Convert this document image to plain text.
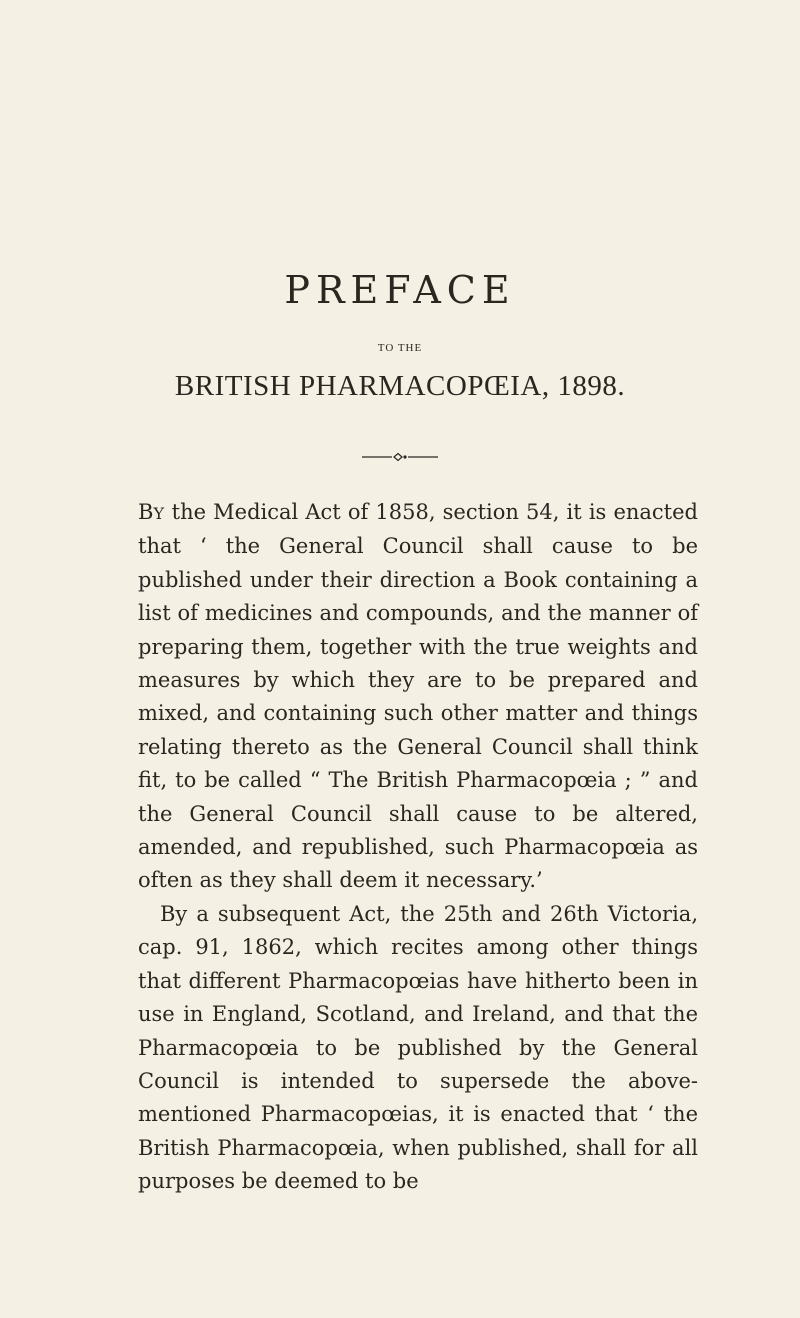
PREFACE
TO THE
BRITISH PHARMACOPŒIA, 1898.

BY the Medical Act of 1858, section 54, it is enacted that ‘ the General Council shall cause to be published under their direction a Book containing a list of medicines and compounds, and the manner of preparing them, together with the true weights and measures by which they are to be prepared and mixed, and containing such other matter and things relating thereto as the General Council shall think fit, to be called “ The British Pharmacopœia ; ” and the General Council shall cause to be altered, amended, and republished, such Pharmacopœia as often as they shall deem it necessary.’

By a subsequent Act, the 25th and 26th Victoria, cap. 91, 1862, which recites among other things that different Pharmacopœias have hitherto been in use in England, Scotland, and Ireland, and that the Pharmacopœia to be published by the General Council is intended to supersede the above-mentioned Pharmacopœias, it is enacted that ‘ the British Pharmacopœia, when published, shall for all purposes be deemed to be
